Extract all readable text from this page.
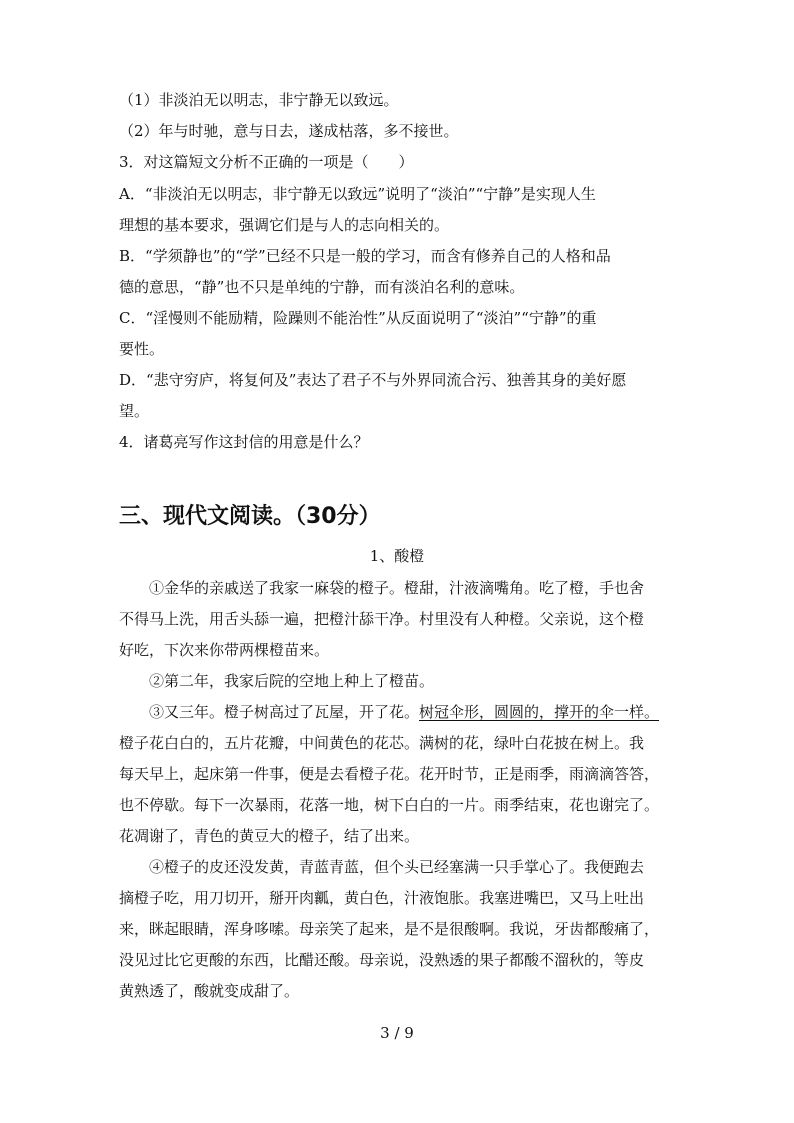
（1）非淡泊无以明志，非宁静无以致远。
（2）年与时驰，意与日去，遂成枯落，多不接世。
3．对这篇短文分析不正确的一项是（　　）
A．“非淡泊无以明志，非宁静无以致远”说明了“淡泊”“宁静”是实现人生
理想的基本要求，强调它们是与人的志向相关的。
B．“学须静也”的“学”已经不只是一般的学习，而含有修养自己的人格和品
德的意思，“静”也不只是单纯的宁静，而有淡泊名利的意味。
C．“淫慢则不能励精，险躁则不能治性”从反面说明了“淡泊”“宁静”的重
要性。
D．“悲守穷庐，将复何及”表达了君子不与外界同流合污、独善其身的美好愿
望。
4．诸葛亮写作这封信的用意是什么？
三、现代文阅读。（30分）
1、酸橙
①金华的亲戚送了我家一麻袋的橙子。橙甜，汁液滴嘴角。吃了橙，手也舍
不得马上洗，用舌头舔一遍，把橙汁舔干净。村里没有人种橙。父亲说，这个橙
好吃，下次来你带两棵橙苗来。
②第二年，我家后院的空地上种上了橙苗。
③又三年。橙子树高过了瓦屋，开了花。树冠伞形，圆圆的，撑开的伞一样。
橙子花白白的，五片花瓣，中间黄色的花芯。满树的花，绿叶白花披在树上。我
每天早上，起床第一件事，便是去看橙子花。花开时节，正是雨季，雨滴滴答答，
也不停歇。每下一次暴雨，花落一地，树下白白的一片。雨季结束，花也谢完了。
花凋谢了，青色的黄豆大的橙子，结了出来。
④橙子的皮还没发黄，青蓝青蓝，但个头已经塞满一只手掌心了。我便跑去
摘橙子吃，用刀切开，掰开肉瓤，黄白色，汁液饱胀。我塞进嘴巴，又马上吐出
来，眯起眼睛，浑身哆嗦。母亲笑了起来，是不是很酸啊。我说，牙齿都酸痛了，
没见过比它更酸的东西，比醋还酸。母亲说，没熟透的果子都酸不溜秋的，等皮
黄熟透了，酸就变成甜了。
3 / 9
